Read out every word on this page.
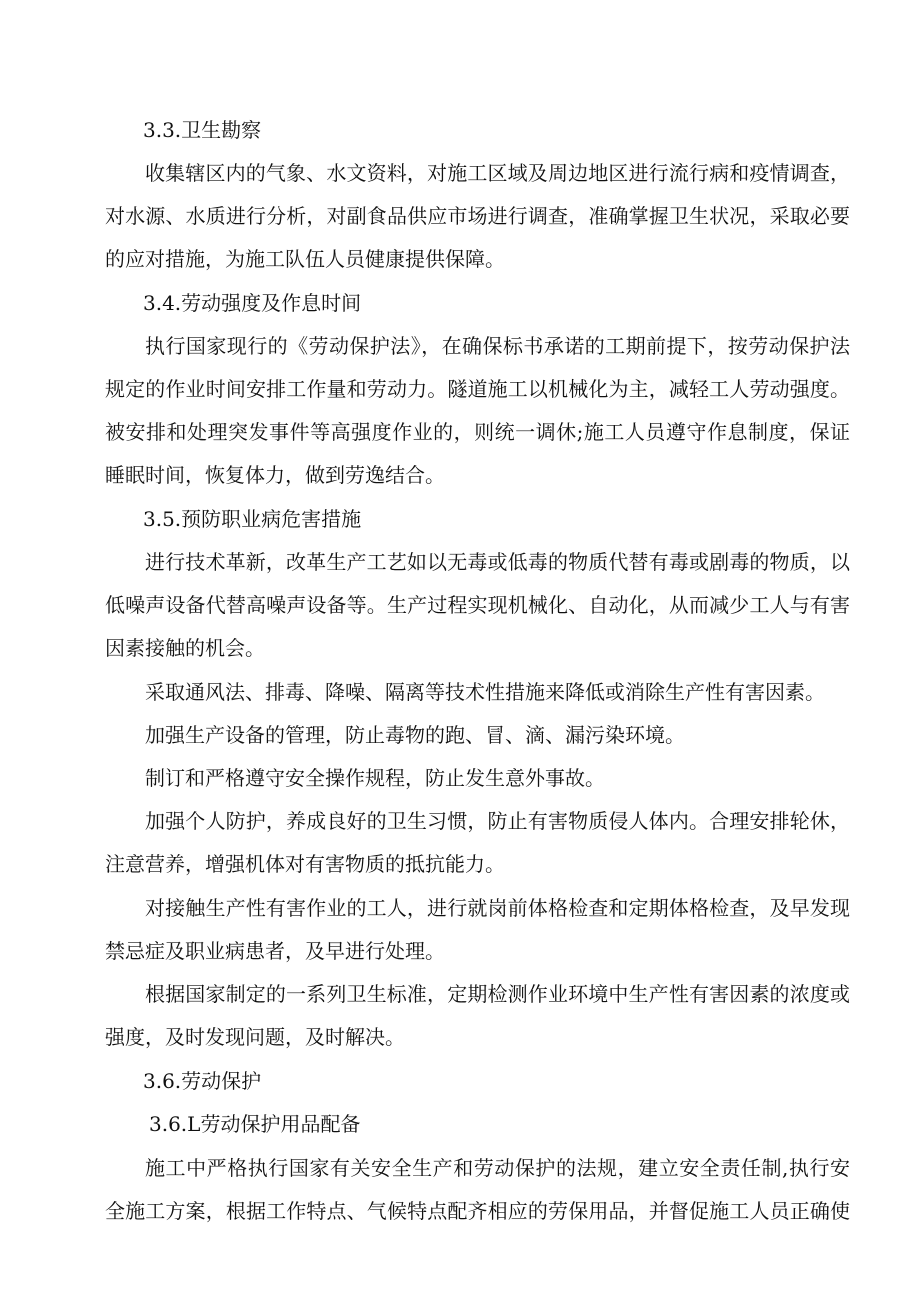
3.3.卫生勘察
收集辖区内的气象、水文资料，对施工区域及周边地区进行流行病和疫情调查，
对水源、水质进行分析，对副食品供应市场进行调查，准确掌握卫生状况，采取必要
的应对措施，为施工队伍人员健康提供保障。
3.4.劳动强度及作息时间
执行国家现行的《劳动保护法》，在确保标书承诺的工期前提下，按劳动保护法
规定的作业时间安排工作量和劳动力。隧道施工以机械化为主，减轻工人劳动强度。
被安排和处理突发事件等高强度作业的，则统一调休;施工人员遵守作息制度，保证
睡眠时间，恢复体力，做到劳逸结合。
3.5.预防职业病危害措施
进行技术革新，改革生产工艺如以无毒或低毒的物质代替有毒或剧毒的物质，以
低噪声设备代替高噪声设备等。生产过程实现机械化、自动化，从而减少工人与有害
因素接触的机会。
采取通风法、排毒、降噪、隔离等技术性措施来降低或消除生产性有害因素。
加强生产设备的管理，防止毒物的跑、冒、滴、漏污染环境。
制订和严格遵守安全操作规程，防止发生意外事故。
加强个人防护，养成良好的卫生习惯，防止有害物质侵人体内。合理安排轮休，
注意营养，增强机体对有害物质的抵抗能力。
对接触生产性有害作业的工人，进行就岗前体格检查和定期体格检查，及早发现
禁忌症及职业病患者，及早进行处理。
根据国家制定的一系列卫生标准，定期检测作业环境中生产性有害因素的浓度或
强度，及时发现问题，及时解决。
3.6.劳动保护
3.6.L劳动保护用品配备
施工中严格执行国家有关安全生产和劳动保护的法规，建立安全责任制,执行安
全施工方案，根据工作特点、气候特点配齐相应的劳保用品，并督促施工人员正确使
